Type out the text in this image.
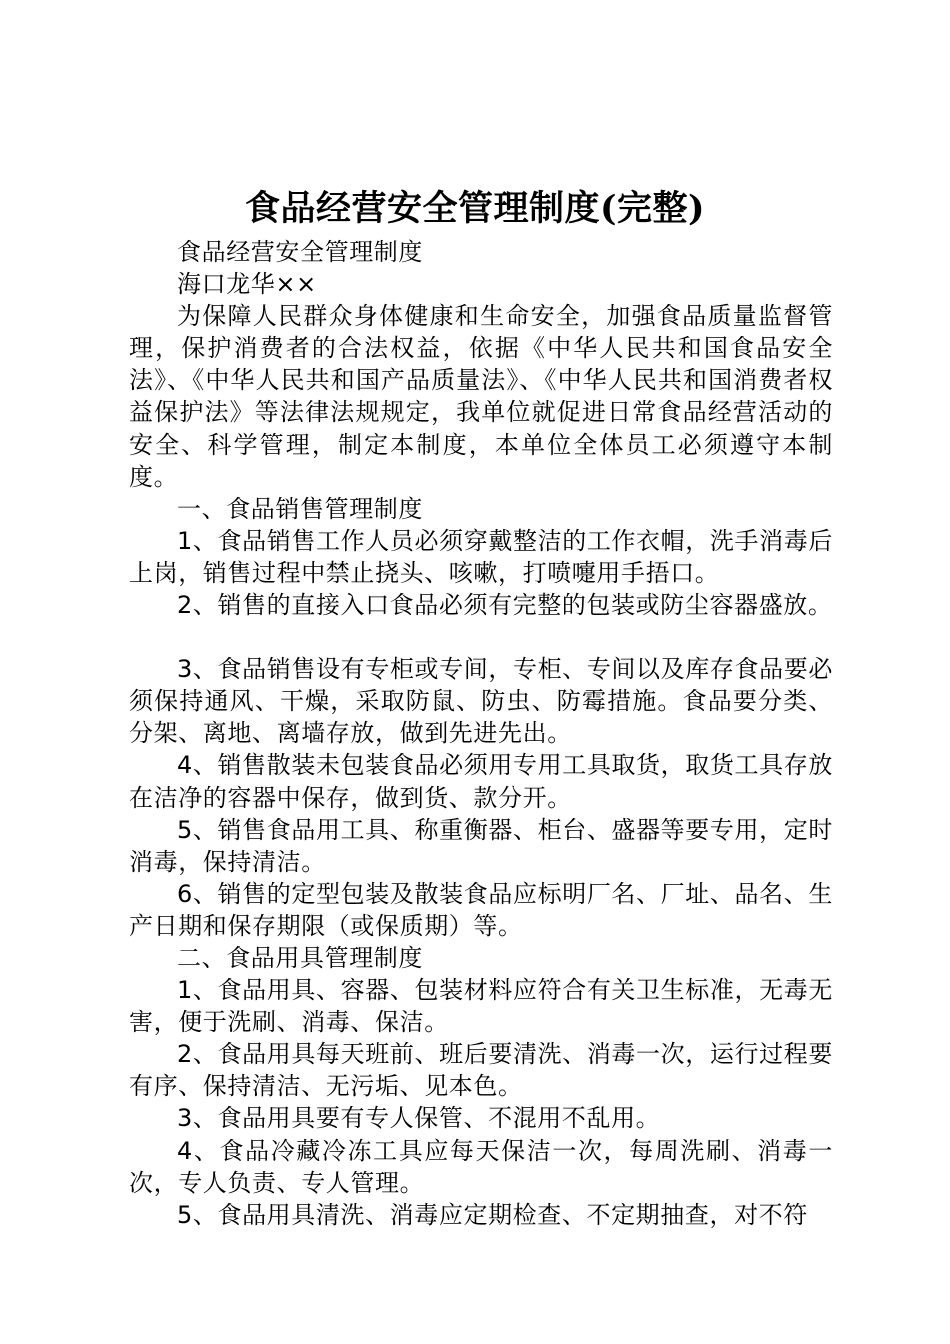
食品经营安全管理制度(完整)

食品经营安全管理制度

海口龙华××

为保障人民群众身体健康和生命安全，加强食品质量监督管理，保护消费者的合法权益，依据《中华人民共和国食品安全法》、《中华人民共和国产品质量法》、《中华人民共和国消费者权益保护法》等法律法规规定，我单位就促进日常食品经营活动的安全、科学管理，制定本制度，本单位全体员工必须遵守本制度。

一、食品销售管理制度

1、食品销售工作人员必须穿戴整洁的工作衣帽，洗手消毒后上岗，销售过程中禁止挠头、咳嗽，打喷嚏用手捂口。

2、销售的直接入口食品必须有完整的包装或防尘容器盛放。

3、食品销售设有专柜或专间，专柜、专间以及库存食品要必须保持通风、干燥，采取防鼠、防虫、防霉措施。食品要分类、分架、离地、离墙存放，做到先进先出。

4、销售散装未包装食品必须用专用工具取货，取货工具存放在洁净的容器中保存，做到货、款分开。

5、销售食品用工具、称重衡器、柜台、盛器等要专用，定时消毒，保持清洁。

6、销售的定型包装及散装食品应标明厂名、厂址、品名、生产日期和保存期限（或保质期）等。

二、食品用具管理制度

1、食品用具、容器、包装材料应符合有关卫生标准，无毒无害，便于洗刷、消毒、保洁。

2、食品用具每天班前、班后要清洗、消毒一次，运行过程要有序、保持清洁、无污垢、见本色。

3、食品用具要有专人保管、不混用不乱用。

4、食品冷藏冷冻工具应每天保洁一次，每周洗刷、消毒一次，专人负责、专人管理。

5、食品用具清洗、消毒应定期检查、不定期抽查，对不符
